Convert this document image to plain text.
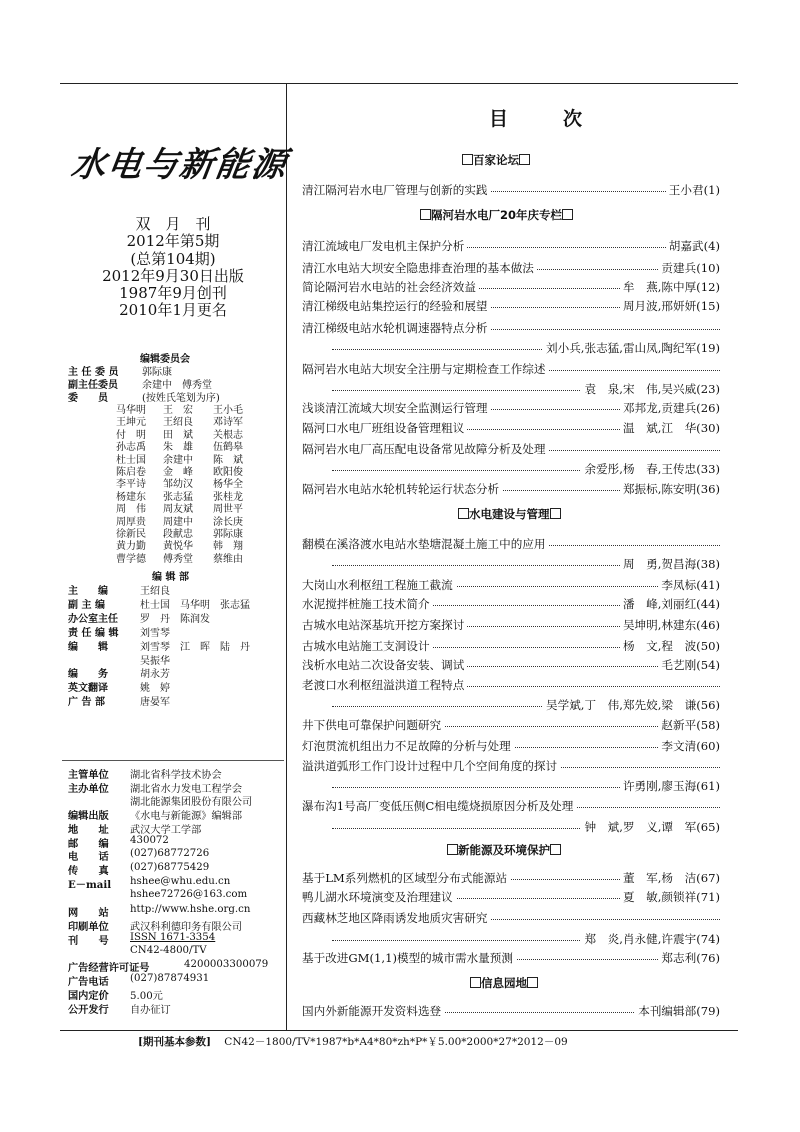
水电与新能源
双　月　刊
2012年第5期
(总第104期)
2012年9月30日出版
1987年9月创刊
2010年1月更名
编辑委员会
主 任 委 员 郭际康
副主任委员 余建中　傅秀堂
委　　员	(按姓氏笔划为序)
马华明 王　宏 王小毛
王坤元 王绍良 邓诗军
付　明 田　斌 关根志
孙志禹 朱　雄 伍鹤皋
杜士国 余建中 陈　斌
陈启卷 金　峰 欧阳俊
李平诗 邹幼汉 杨华全
杨建东 张志猛 张桂龙
周　伟 周友斌 周世平
周厚贵 周建中 涂长庚
徐新民 段献忠 郭际康
黄力勤 黄悦华 韩　翔
曹学德 傅秀堂 蔡维由
编 辑 部
主　　编	王绍良
副 主 编	杜士国　马华明　张志猛
办公室主任 罗　丹　陈润发
责 任 编 辑 刘雪琴
编　　辑	刘雪琴　江　晖　陆　丹
吴振华
编　　务	胡永芳
英文翻译	姚　婷
广 告 部	唐晏军
主管单位 湖北省科学技术协会
主办单位 湖北省水力发电工程学会
湖北能源集团股份有限公司
编辑出版 《水电与新能源》编辑部
地　　址 武汉大学工学部
邮　　编 430072
电　　话 (027)68772726
传　　真 (027)68775429
E－mail hshee@whu.edu.cn
hshee72726@163.com
网　　站 http://www.hshe.org.cn
印刷单位 武汉科利德印务有限公司
刊　　号 ISSN 1671-3354
CN42-4800/TV
广告经营许可证号	4200003300079
广告电话 (027)87874931
国内定价 5.00元
公开发行 自办征订
目	次
百家论坛
隔河岩水电厂20年庆专栏
水电建设与管理
新能源及环境保护
信息园地
清江隔河岩水电厂管理与创新的实践	王小君(1)
清江流域电厂发电机主保护分析	胡嘉武(4)
清江水电站大坝安全隐患排查治理的基本做法	贡建兵(10)
简论隔河岩水电站的社会经济效益	牟　燕,陈中厚(12)
清江梯级电站集控运行的经验和展望	周月波,邢妍妍(15)
清江梯级电站水轮机调速器特点分析
刘小兵,张志猛,雷山凤,陶纪军(19)
隔河岩水电站大坝安全注册与定期检查工作综述
袁　泉,宋　伟,吴兴威(23)
浅谈清江流域大坝安全监测运行管理	邓邦龙,贡建兵(26)
隔河口水电厂班组设备管理粗议	温　斌,江　华(30)
隔河岩水电厂高压配电设备常见故障分析及处理
余爱彤,杨　春,王传忠(33)
隔河岩水电站水轮机转轮运行状态分析	郑振标,陈安明(36)
翻模在溪洛渡水电站水垫塘混凝土施工中的应用
周　勇,贺昌海(38)
大岗山水利枢纽工程施工截流	李凤标(41)
水泥搅拌桩施工技术简介	潘　峰,刘丽红(44)
古城水电站深基坑开挖方案探讨	吴坤明,林建东(46)
古城水电站施工支洞设计	杨　文,程　波(50)
浅析水电站二次设备安装、调试	毛艺刚(54)
老渡口水利枢纽溢洪道工程特点
吴学斌,丁　伟,郑先姣,梁　谦(56)
井下供电可靠保护问题研究	赵新平(58)
灯泡贯流机组出力不足故障的分析与处理	李文清(60)
溢洪道弧形工作门设计过程中几个空间角度的探讨
许勇刚,廖玉海(61)
瀑布沟1号高厂变低压侧C相电缆烧损原因分析及处理
钟　斌,罗　义,谭　军(65)
基于LM系列燃机的区域型分布式能源站	董　军,杨　洁(67)
鸭儿湖水环境演变及治理建议	夏　敏,颜锁祥(71)
西藏林芝地区降雨诱发地质灾害研究
郑　炎,肖永健,许震宇(74)
基于改进GM(1,1)模型的城市需水量预测	郑志利(76)
国内外新能源开发资料选登	本刊编辑部(79)
[期刊基本参数] CN42－1800/TV*1987*b*A4*80*zh*P*￥5.00*2000*27*2012－09
